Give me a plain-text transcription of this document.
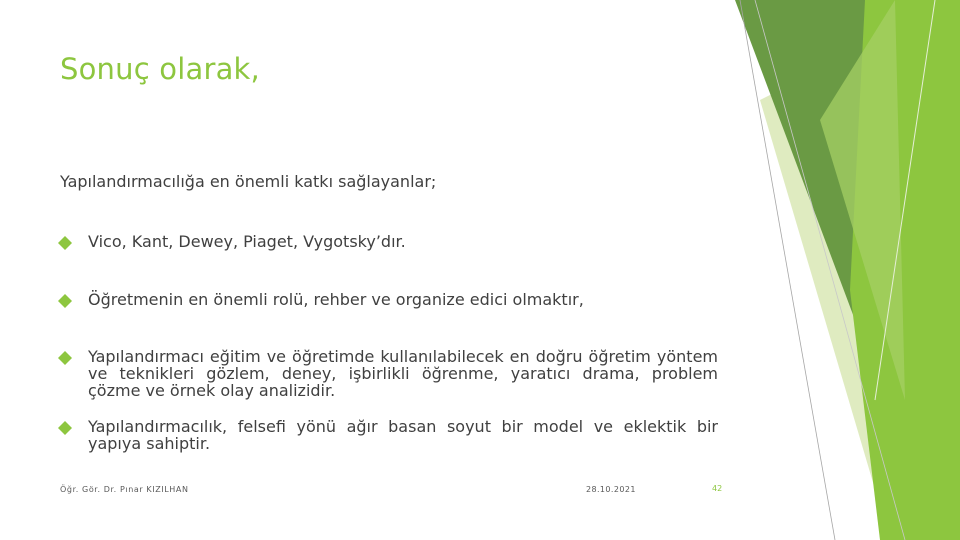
Sonuç olarak,
Yapılandırmacılığa en önemli katkı sağlayanlar;
Vico, Kant, Dewey, Piaget, Vygotsky’dır.
Öğretmenin en önemli rolü, rehber ve organize edici olmaktır,
Yapılandırmacı eğitim ve öğretimde kullanılabilecek en doğru öğretim yöntem ve teknikleri gözlem, deney, işbirlikli öğrenme, yaratıcı drama, problem çözme ve örnek olay analizidir.
Yapılandırmacılık, felsefi yönü ağır basan soyut bir model ve eklektik bir yapıya sahiptir.
Öğr. Gör. Dr. Pınar KIZILHAN	28.10.2021	42
